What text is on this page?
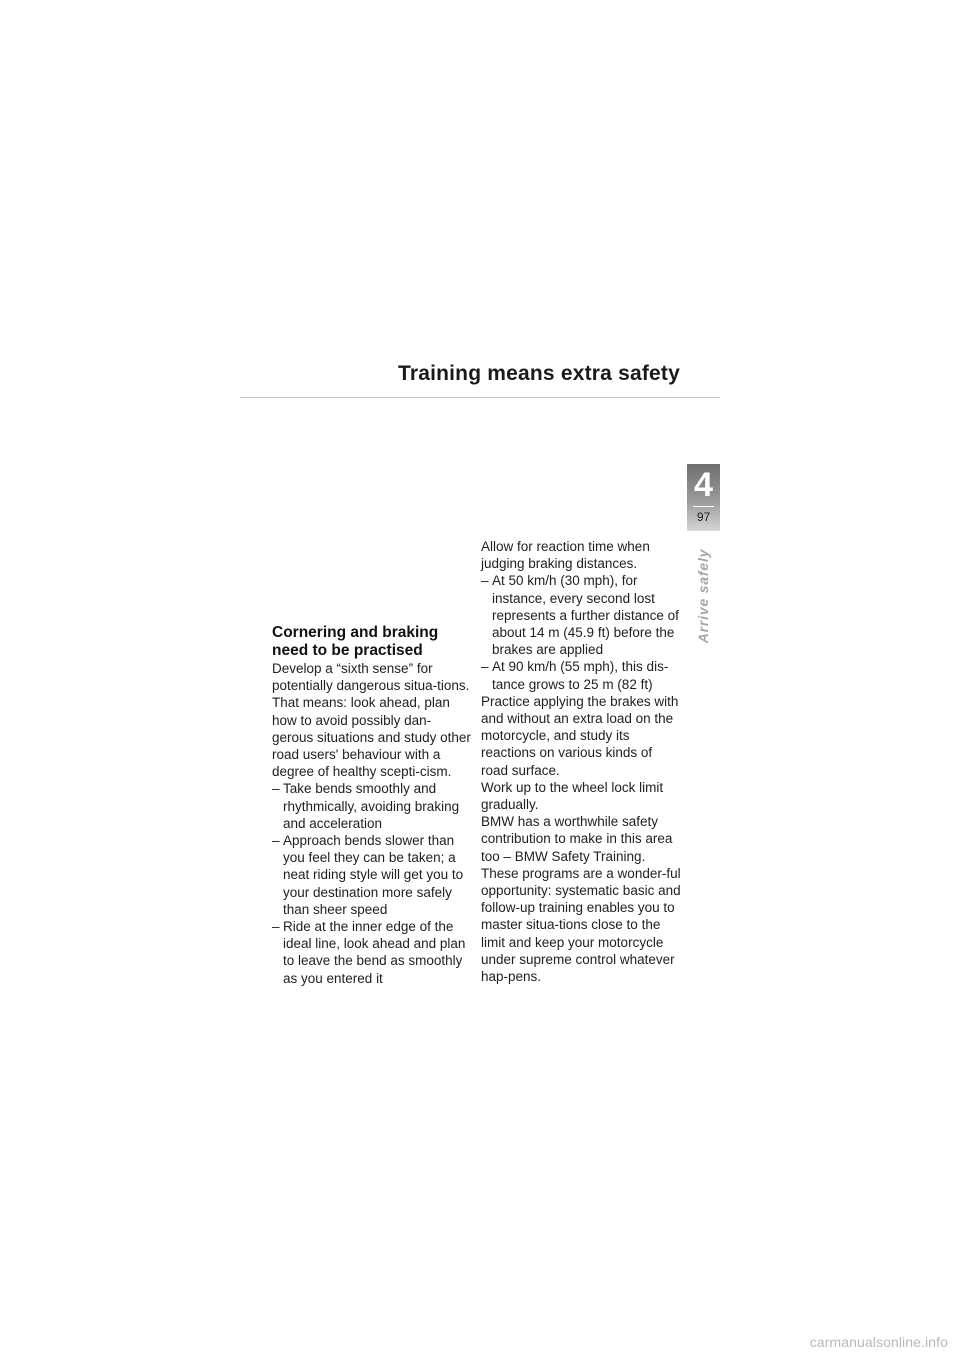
Training means extra safety
4
97
Arrive safely
Cornering and braking need to be practised

Develop a “sixth sense” for potentially dangerous situa-tions. That means: look ahead, plan how to avoid possibly dan-gerous situations and study other road users' behaviour with a degree of healthy scepti-cism.

– Take bends smoothly and rhythmically, avoiding braking and acceleration
– Approach bends slower than you feel they can be taken; a neat riding style will get you to your destination more safely than sheer speed
– Ride at the inner edge of the ideal line, look ahead and plan to leave the bend as smoothly as you entered it

Allow for reaction time when judging braking distances.

– At 50 km/h (30 mph), for instance, every second lost represents a further distance of about 14 m (45.9 ft) before the brakes are applied
– At 90 km/h (55 mph), this dis-tance grows to 25 m (82 ft)

Practice applying the brakes with and without an extra load on the motorcycle, and study its reactions on various kinds of road surface.

Work up to the wheel lock limit gradually.

BMW has a worthwhile safety contribution to make in this area too – BMW Safety Training. These programs are a wonder-ful opportunity: systematic basic and follow-up training enables you to master situa-tions close to the limit and keep your motorcycle under supreme control whatever hap-pens.

carmanualsonline.info
